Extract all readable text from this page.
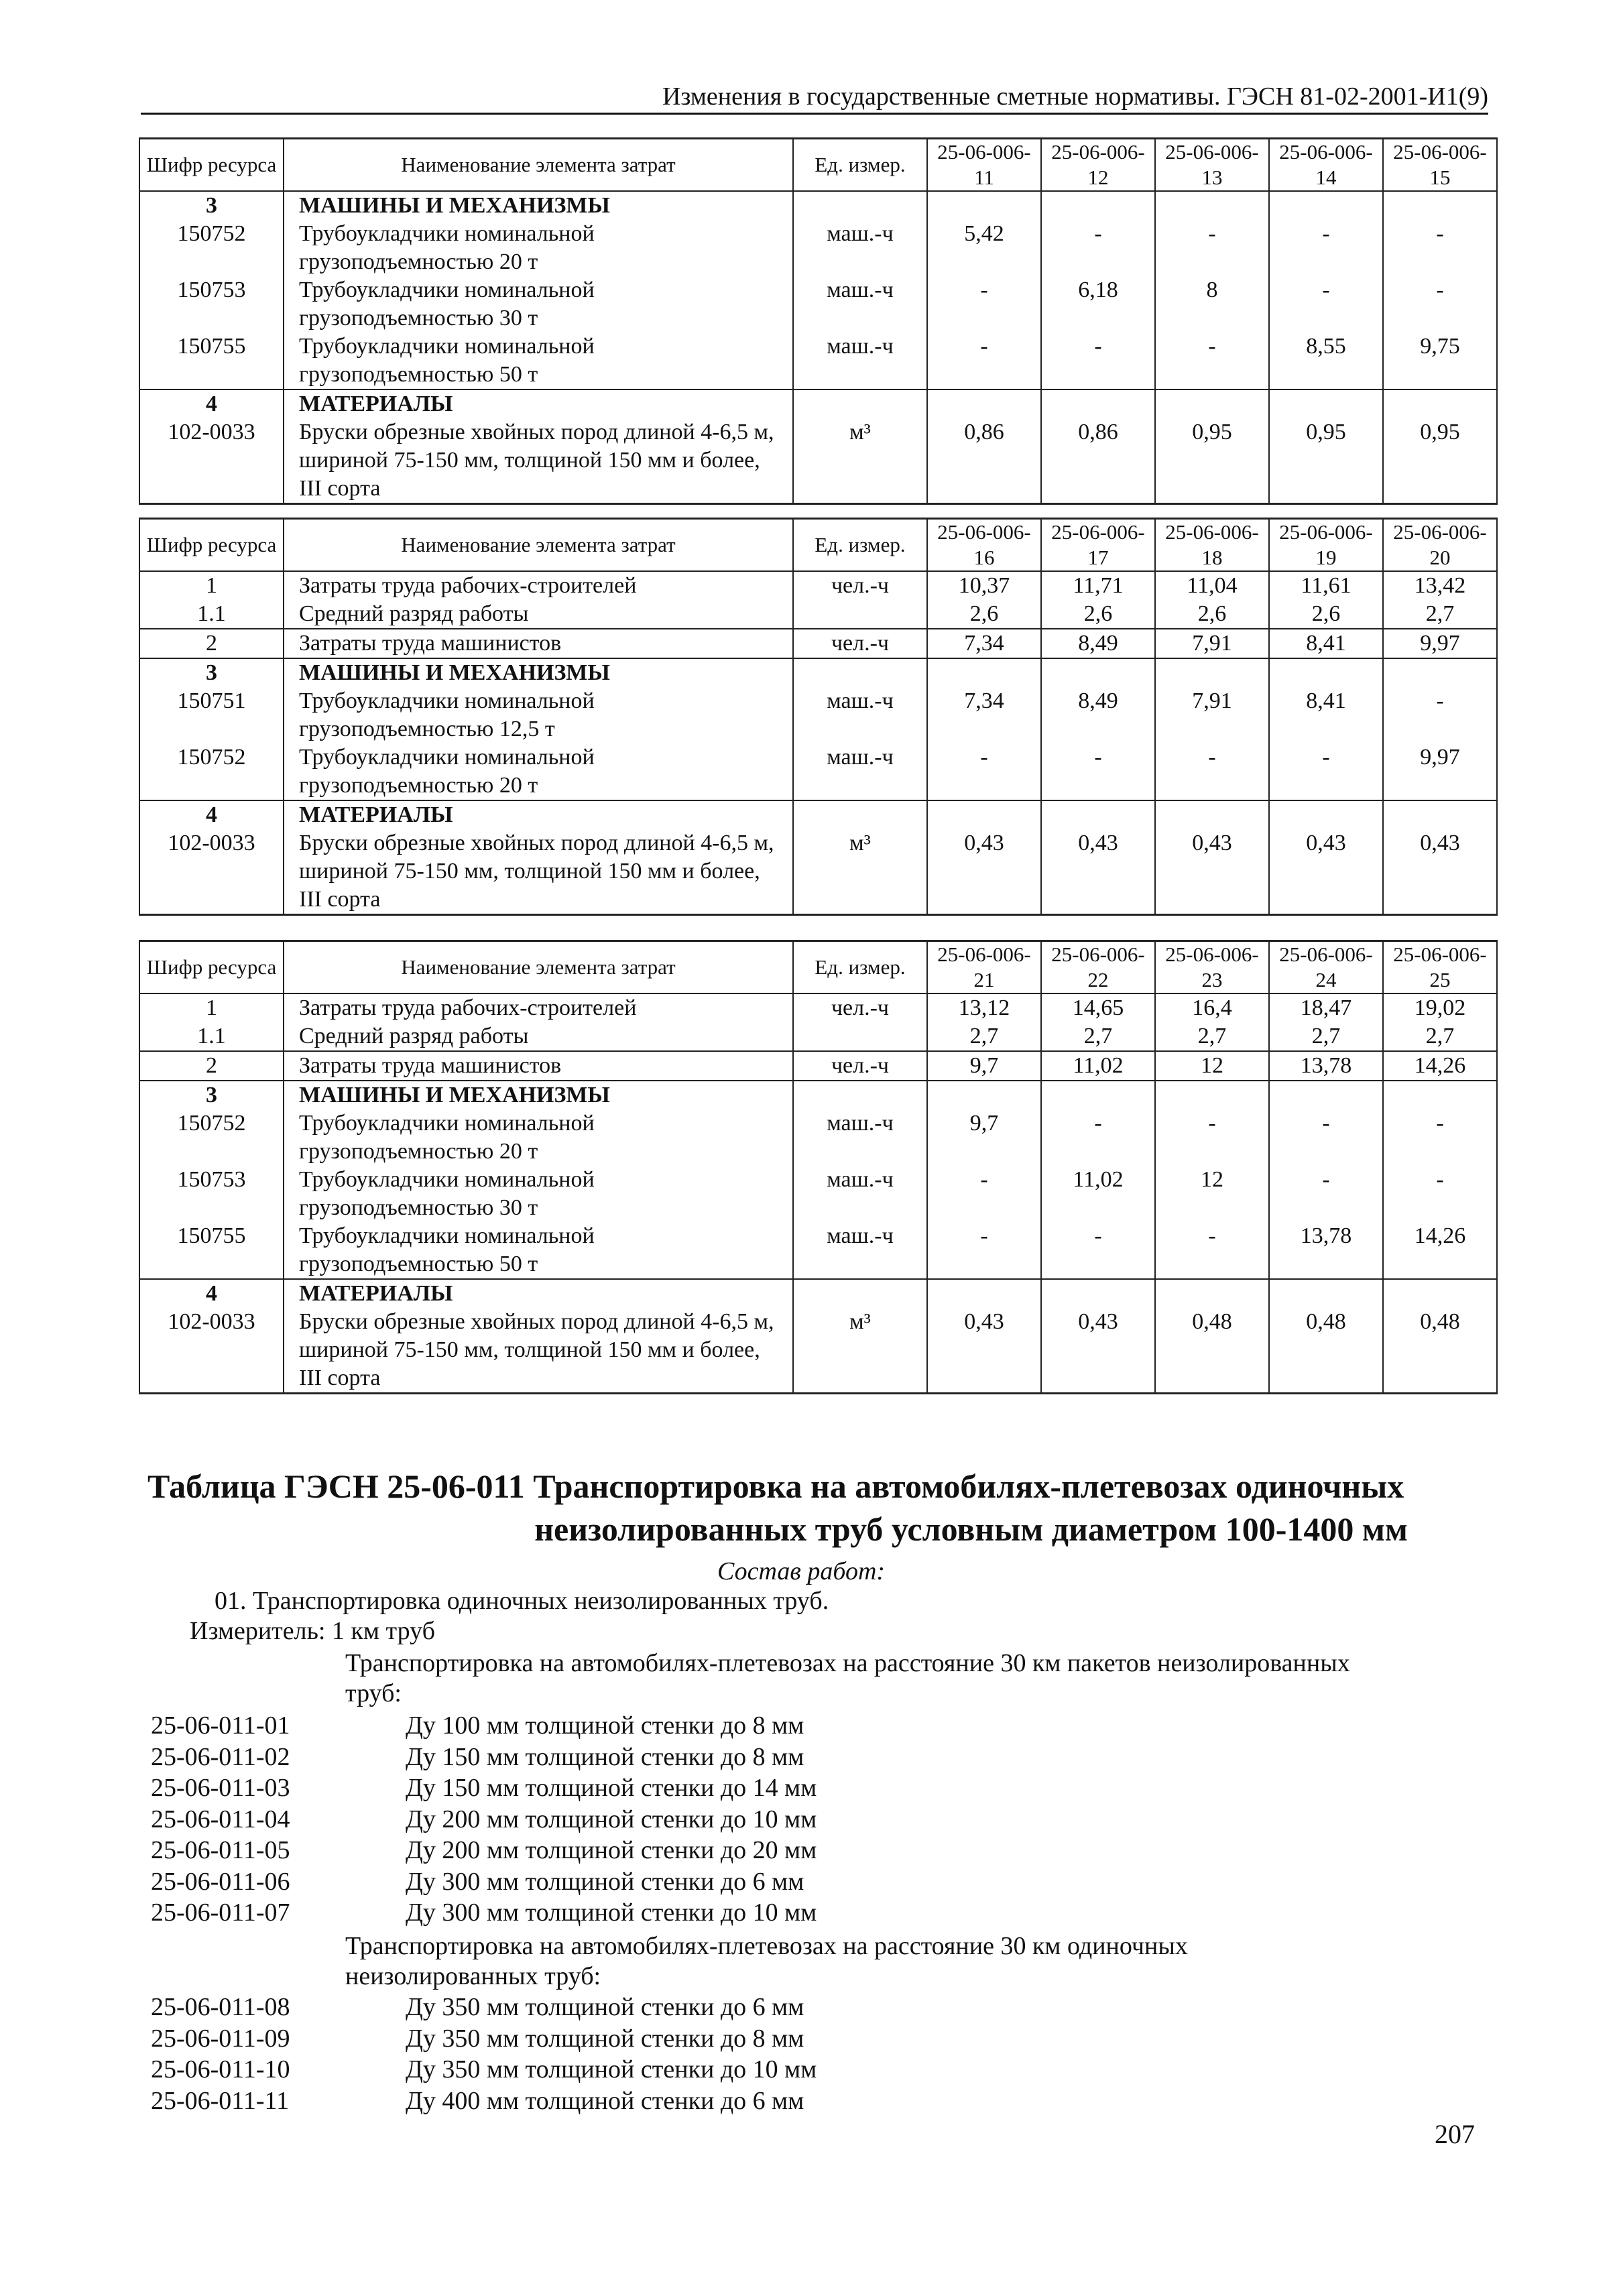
Изменения в государственные сметные нормативы. ГЭСН 81-02-2001-И1(9)
Шифр ресурса	Наименование элемента затрат	Ед. измер.	25-06-006-11	25-06-006-12	25-06-006-13	25-06-006-14	25-06-006-15
3	МАШИНЫ И МЕХАНИЗМЫ						
150752	Трубоукладчики номинальной грузоподъемностью 20 т	маш.-ч	5,42	-	-	-	-
150753	Трубоукладчики номинальной грузоподъемностью 30 т	маш.-ч	-	6,18	8	-	-
150755	Трубоукладчики номинальной грузоподъемностью 50 т	маш.-ч	-	-	-	8,55	9,75
4	МАТЕРИАЛЫ						
102-0033	Бруски обрезные хвойных пород длиной 4-6,5 м, шириной 75-150 мм, толщиной 150 мм и более, III сорта	м³	0,86	0,86	0,95	0,95	0,95
Шифр ресурса	Наименование элемента затрат	Ед. измер.	25-06-006-16	25-06-006-17	25-06-006-18	25-06-006-19	25-06-006-20
1	Затраты труда рабочих-строителей	чел.-ч	10,37	11,71	11,04	11,61	13,42
1.1	Средний разряд работы		2,6	2,6	2,6	2,6	2,7
2	Затраты труда машинистов	чел.-ч	7,34	8,49	7,91	8,41	9,97
3	МАШИНЫ И МЕХАНИЗМЫ						
150751	Трубоукладчики номинальной грузоподъемностью 12,5 т	маш.-ч	7,34	8,49	7,91	8,41	-
150752	Трубоукладчики номинальной грузоподъемностью 20 т	маш.-ч	-	-	-	-	9,97
4	МАТЕРИАЛЫ						
102-0033	Бруски обрезные хвойных пород длиной 4-6,5 м, шириной 75-150 мм, толщиной 150 мм и более, III сорта	м³	0,43	0,43	0,43	0,43	0,43
Шифр ресурса	Наименование элемента затрат	Ед. измер.	25-06-006-21	25-06-006-22	25-06-006-23	25-06-006-24	25-06-006-25
1	Затраты труда рабочих-строителей	чел.-ч	13,12	14,65	16,4	18,47	19,02
1.1	Средний разряд работы		2,7	2,7	2,7	2,7	2,7
2	Затраты труда машинистов	чел.-ч	9,7	11,02	12	13,78	14,26
3	МАШИНЫ И МЕХАНИЗМЫ						
150752	Трубоукладчики номинальной грузоподъемностью 20 т	маш.-ч	9,7	-	-	-	-
150753	Трубоукладчики номинальной грузоподъемностью 30 т	маш.-ч	-	11,02	12	-	-
150755	Трубоукладчики номинальной грузоподъемностью 50 т	маш.-ч	-	-	-	13,78	14,26
4	МАТЕРИАЛЫ						
102-0033	Бруски обрезные хвойных пород длиной 4-6,5 м, шириной 75-150 мм, толщиной 150 мм и более, III сорта	м³	0,43	0,43	0,48	0,48	0,48
Таблица ГЭСН 25-06-011 Транспортировка на автомобилях-плетевозах одиночных
неизолированных труб условным диаметром 100-1400 мм
Состав работ:
01. Транспортировка одиночных неизолированных труб.
Измеритель: 1 км труб
Транспортировка на автомобилях-плетевозах на расстояние 30 км пакетов неизолированных
труб:
25-06-011-01	Ду 100 мм толщиной стенки до 8 мм
25-06-011-02	Ду 150 мм толщиной стенки до 8 мм
25-06-011-03	Ду 150 мм толщиной стенки до 14 мм
25-06-011-04	Ду 200 мм толщиной стенки до 10 мм
25-06-011-05	Ду 200 мм толщиной стенки до 20 мм
25-06-011-06	Ду 300 мм толщиной стенки до 6 мм
25-06-011-07	Ду 300 мм толщиной стенки до 10 мм
Транспортировка на автомобилях-плетевозах на расстояние 30 км одиночных
неизолированных труб:
25-06-011-08	Ду 350 мм толщиной стенки до 6 мм
25-06-011-09	Ду 350 мм толщиной стенки до 8 мм
25-06-011-10	Ду 350 мм толщиной стенки до 10 мм
25-06-011-11	Ду 400 мм толщиной стенки до 6 мм
207
